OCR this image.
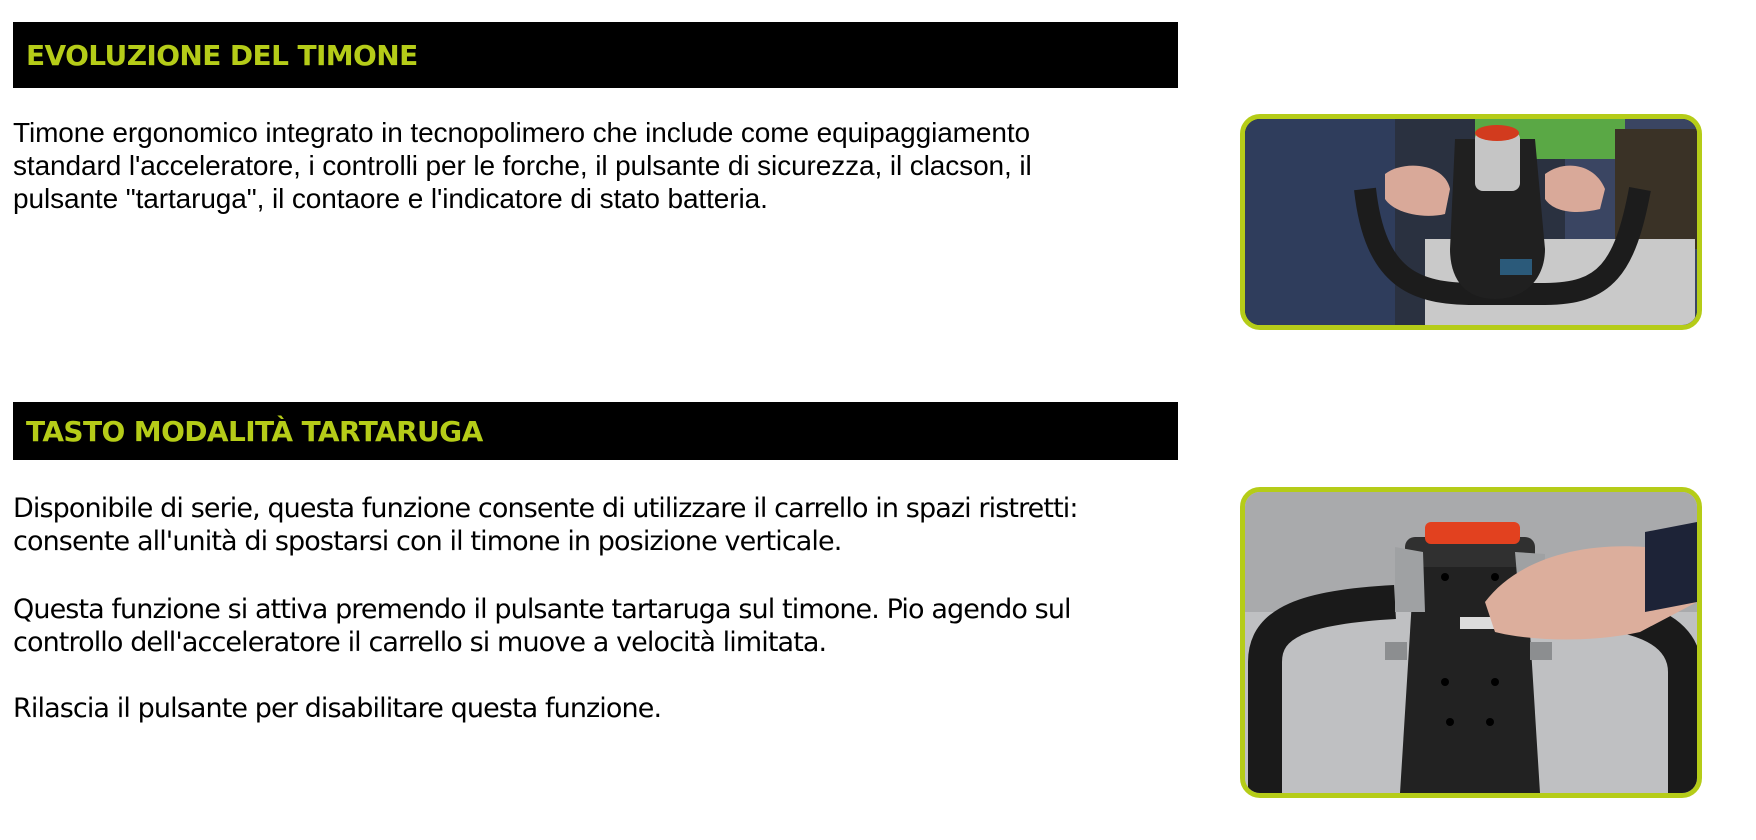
EVOLUZIONE DEL TIMONE

Timone ergonomico integrato in tecnopolimero che include come equipaggiamento
standard l'acceleratore, i controlli per le forche, il pulsante di sicurezza, il clacson, il
pulsante "tartaruga", il contaore e l'indicatore di stato batteria.

TASTO MODALITÀ TARTARUGA

Disponibile di serie, questa funzione consente di utilizzare il carrello in spazi ristretti:
consente all'unità di spostarsi con il timone in posizione verticale.

Questa funzione si attiva premendo il pulsante tartaruga sul timone. Pio agendo sul
controllo dell'acceleratore il carrello si muove a velocità limitata.

Rilascia il pulsante per disabilitare questa funzione.
